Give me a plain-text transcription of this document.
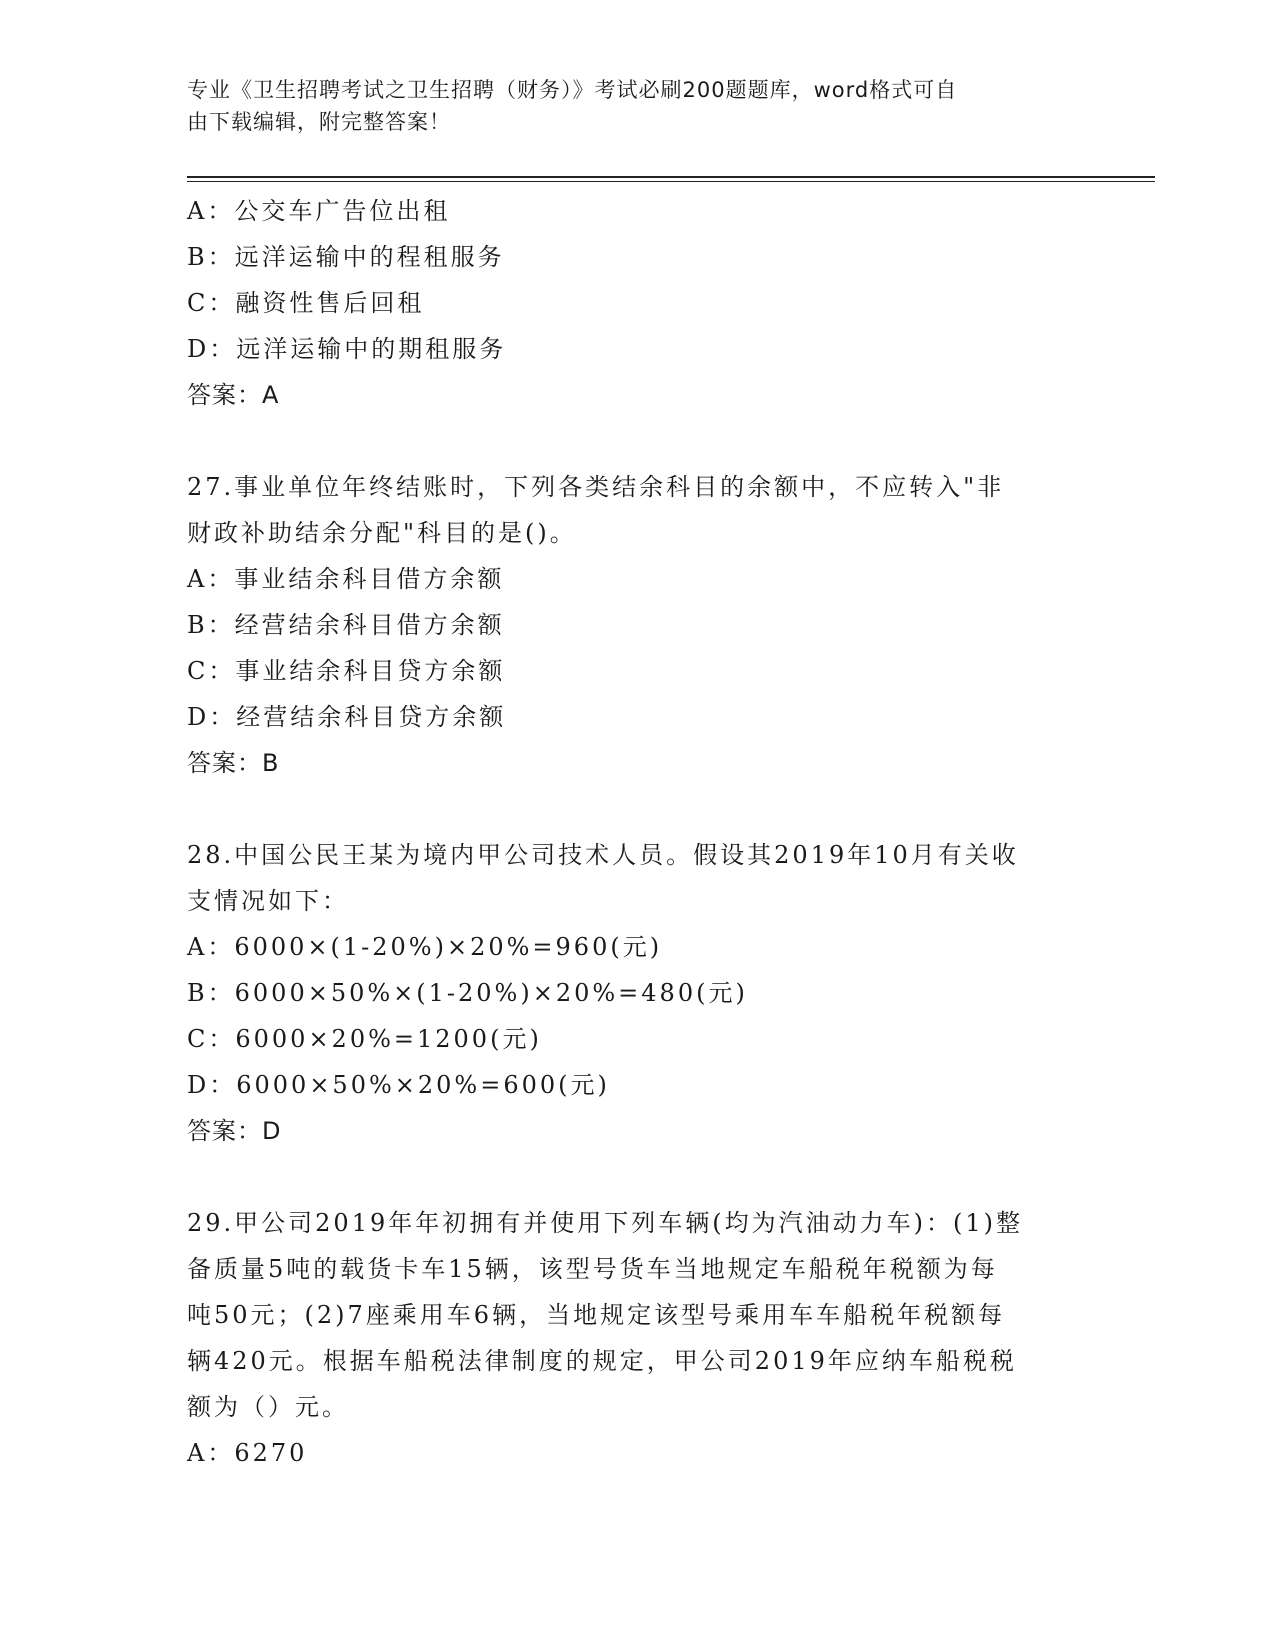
专业《卫生招聘考试之卫生招聘（财务）》考试必刷200题题库，word格式可自
由下载编辑，附完整答案！
A：公交车广告位出租
B：远洋运输中的程租服务
C：融资性售后回租
D：远洋运输中的期租服务
答案：A
27.事业单位年终结账时，下列各类结余科目的余额中，不应转入"非
财政补助结余分配"科目的是()。
A：事业结余科目借方余额
B：经营结余科目借方余额
C：事业结余科目贷方余额
D：经营结余科目贷方余额
答案：B
28.中国公民王某为境内甲公司技术人员。假设其2019年10月有关收
支情况如下：
A：6000×(1-20%)×20%=960(元)
B：6000×50%×(1-20%)×20%=480(元)
C：6000×20%=1200(元)
D：6000×50%×20%=600(元)
答案：D
29.甲公司2019年年初拥有并使用下列车辆(均为汽油动力车)：(1)整
备质量5吨的载货卡车15辆，该型号货车当地规定车船税年税额为每
吨50元；(2)7座乘用车6辆，当地规定该型号乘用车车船税年税额每
辆420元。根据车船税法律制度的规定，甲公司2019年应纳车船税税
额为（）元。
A：6270
